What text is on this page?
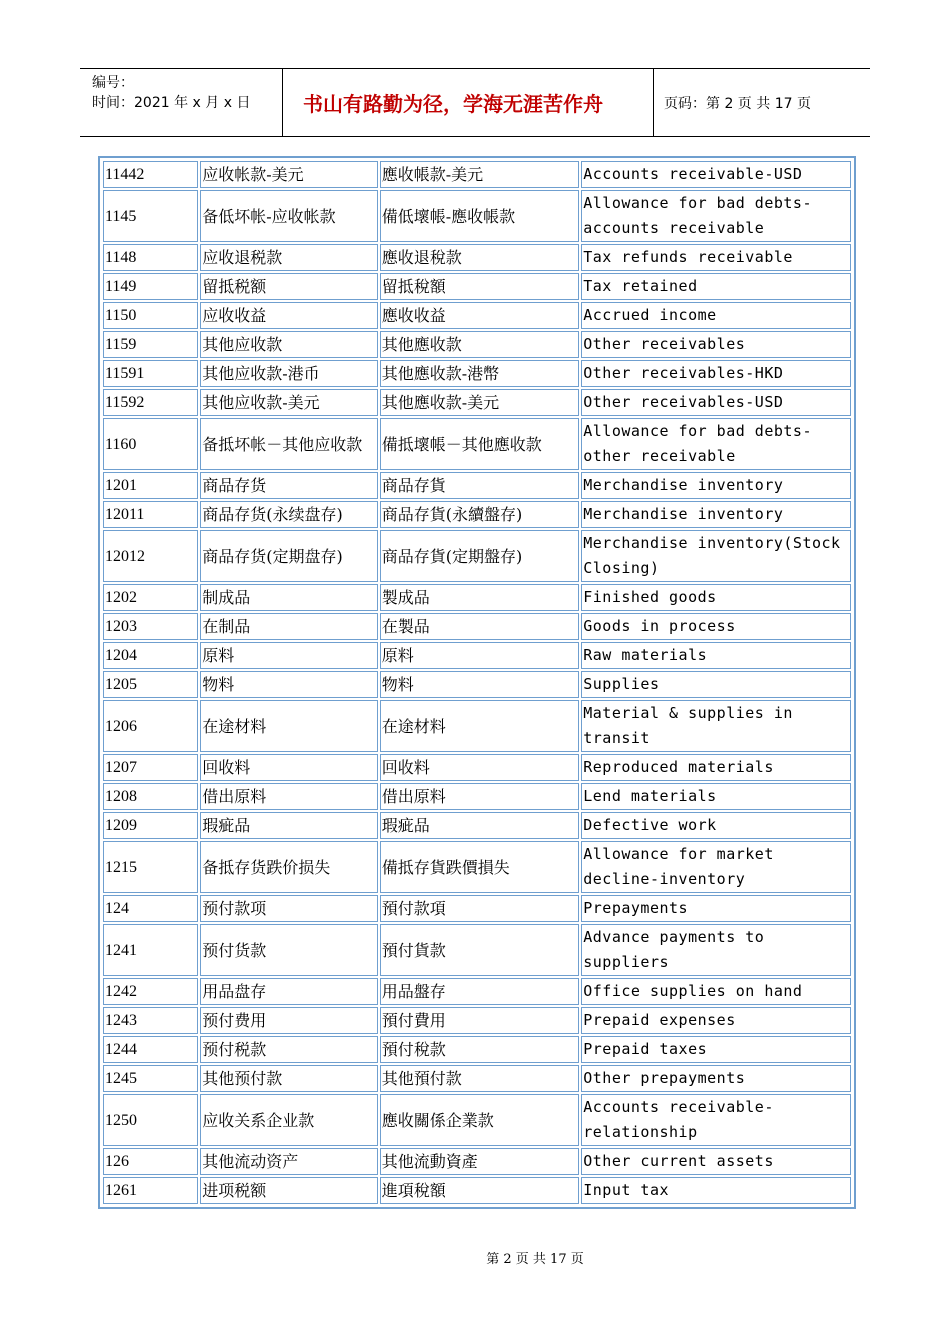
编号：
时间：2021 年 x 月 x 日	书山有路勤为径，学海无涯苦作舟	页码：第 2 页 共 17 页
11442	应收帐款-美元	應收帳款-美元	Accounts receivable-USD
1145	备低坏帐-应收帐款	備低壞帳-應收帳款	Allowance for bad debts-accounts receivable
1148	应收退税款	應收退稅款	Tax refunds receivable
1149	留抵税额	留抵稅額	Tax retained
1150	应收收益	應收收益	Accrued income
1159	其他应收款	其他應收款	Other receivables
11591	其他应收款-港币	其他應收款-港幣	Other receivables-HKD
11592	其他应收款-美元	其他應收款-美元	Other receivables-USD
1160	备抵坏帐－其他应收款	備抵壞帳－其他應收款	Allowance for bad debts-other receivable
1201	商品存货	商品存貨	Merchandise inventory
12011	商品存货(永续盘存)	商品存貨(永續盤存)	Merchandise inventory
12012	商品存货(定期盘存)	商品存貨(定期盤存)	Merchandise inventory(Stock Closing)
1202	制成品	製成品	Finished goods
1203	在制品	在製品	Goods in process
1204	原料	原料	Raw materials
1205	物料	物料	Supplies
1206	在途材料	在途材料	Material & supplies in transit
1207	回收料	回收料	Reproduced materials
1208	借出原料	借出原料	Lend materials
1209	瑕疵品	瑕疵品	Defective work
1215	备抵存货跌价损失	備抵存貨跌價損失	Allowance for market decline-inventory
124	预付款项	預付款項	Prepayments
1241	预付货款	預付貨款	Advance payments to suppliers
1242	用品盘存	用品盤存	Office supplies on hand
1243	预付费用	預付費用	Prepaid expenses
1244	预付税款	預付稅款	Prepaid taxes
1245	其他预付款	其他預付款	Other prepayments
1250	应收关系企业款	應收關係企業款	Accounts receivable-relationship
126	其他流动资产	其他流動資產	Other current assets
1261	进项税额	進項稅額	Input tax
第 2 页 共 17 页
